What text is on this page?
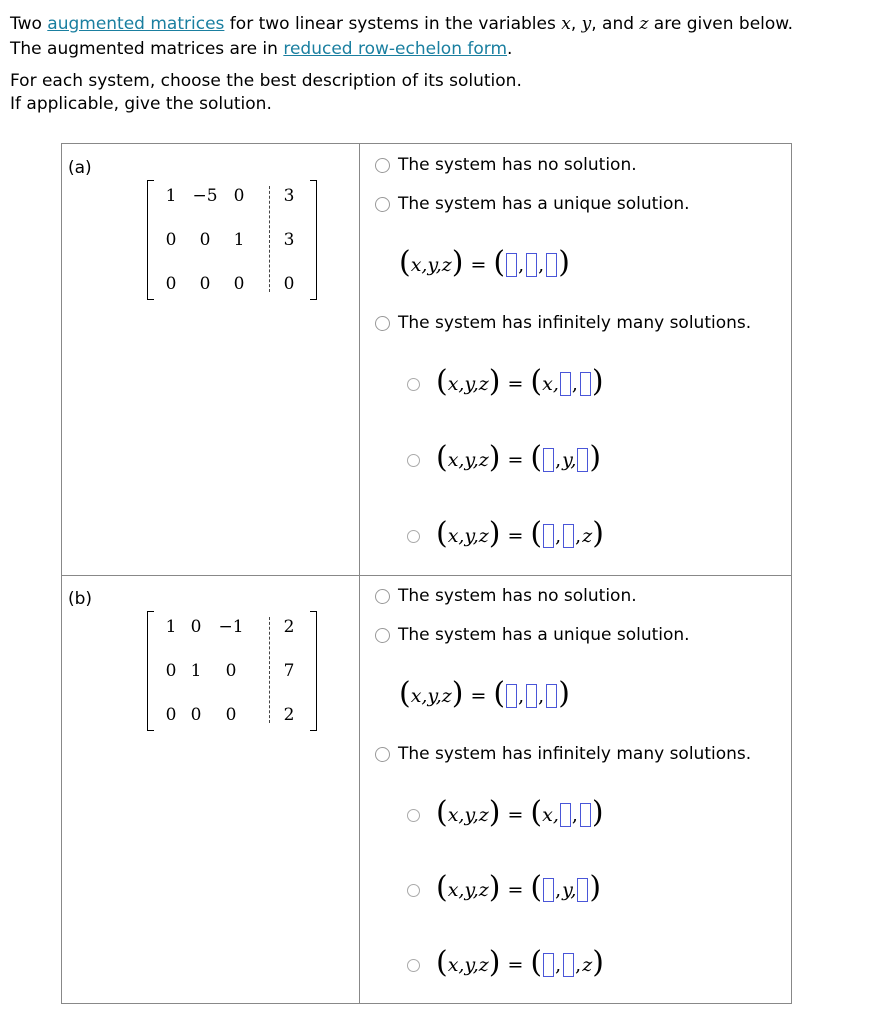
Two augmented matrices for two linear systems in the variables x, y, and z are given below.

The augmented matrices are in reduced row-echelon form.

For each system, choose the best description of its solution.
If applicable, give the solution.

(a)
1 −5 0	3
0	0	1	3
0	0	0	0
The system has no solution.
The system has a unique solution.
( x, y, z ) = ( , , )
The system has infinitely many solutions.
( x, y, z ) = ( x, , )
( x, y, z ) = ( , y, )
( x, y, z ) = ( , , z )
(b)
1 0	−1	2
0 1	0	7
0 0	0	2
The system has no solution.
The system has a unique solution.
( x, y, z ) = ( , , )
The system has infinitely many solutions.
( x, y, z ) = ( x, , )
( x, y, z ) = ( , y, )
( x, y, z ) = ( , , z )
